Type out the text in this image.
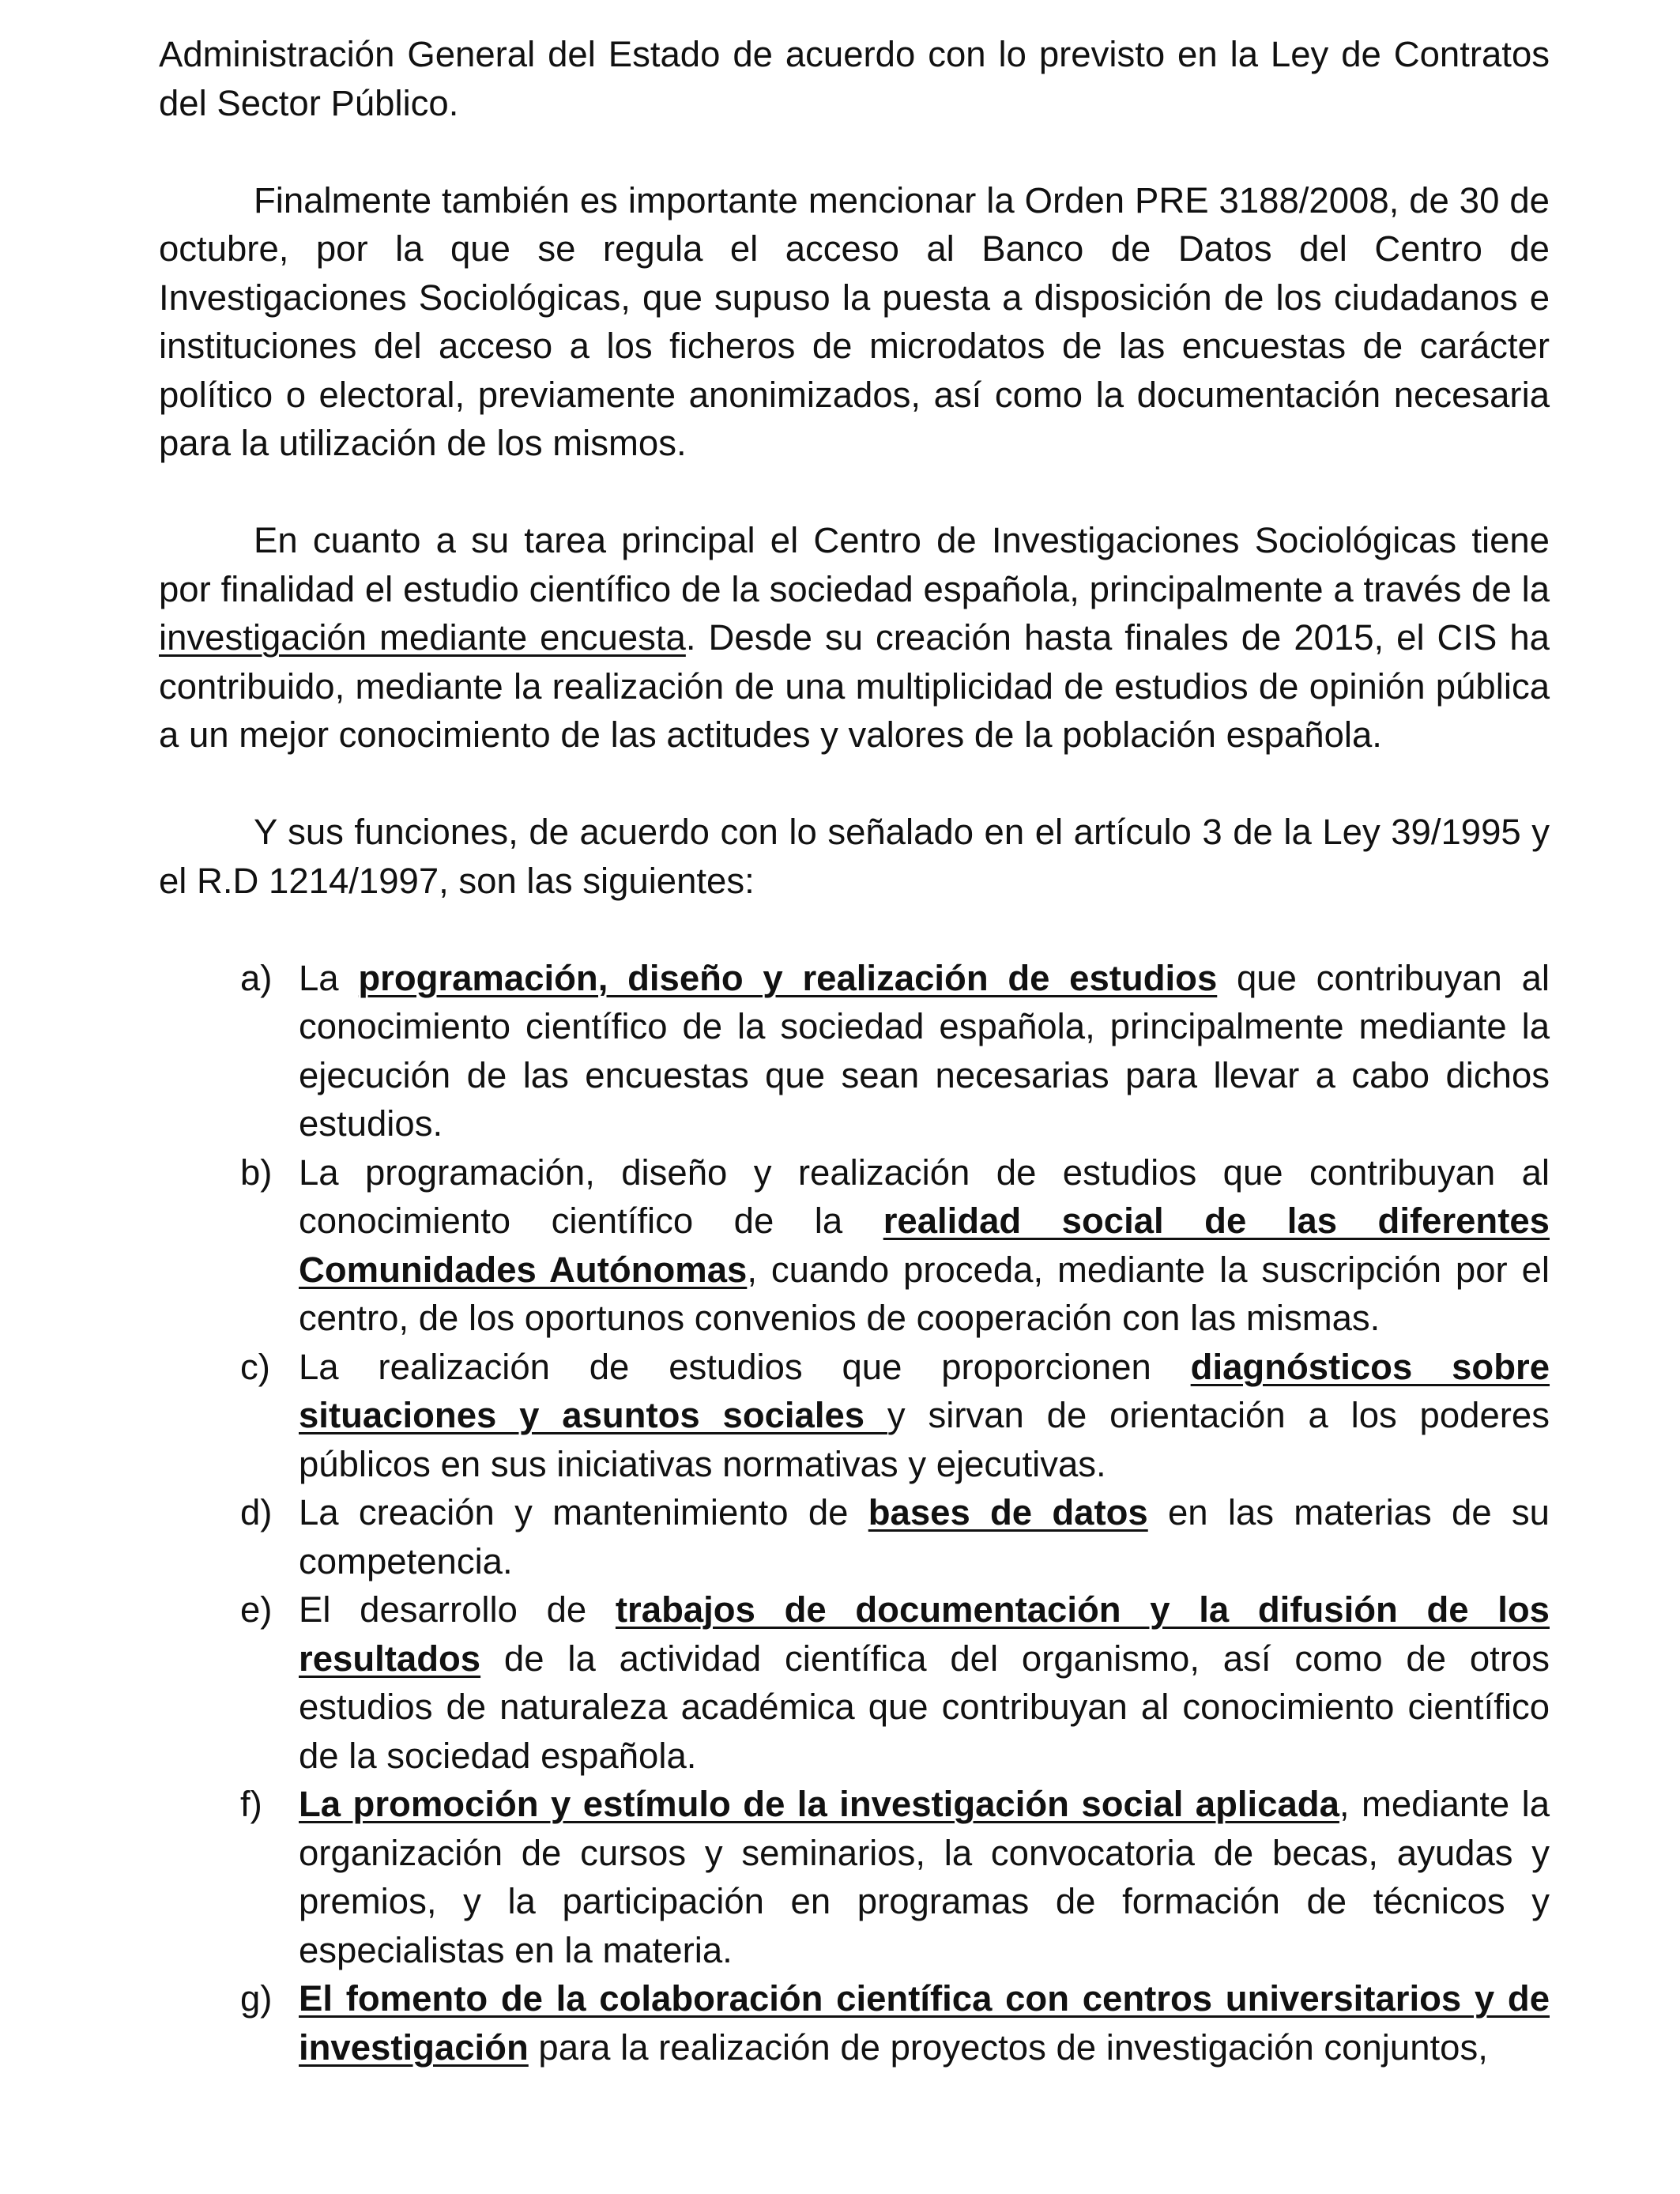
Administración General del Estado de acuerdo con lo previsto en la Ley de Contratos del Sector Público.

Finalmente también es importante mencionar la Orden PRE 3188/2008, de 30 de octubre, por la que se regula el acceso al Banco de Datos del Centro de Investigaciones Sociológicas, que supuso la puesta a disposición de los ciudadanos e instituciones del acceso a los ficheros de microdatos de las encuestas de carácter político o electoral, previamente anonimizados, así como la documentación necesaria para la utilización de los mismos.

En cuanto a su tarea principal el Centro de Investigaciones Sociológicas tiene por finalidad el estudio científico de la sociedad española, principalmente a través de la investigación mediante encuesta. Desde su creación hasta finales de 2015, el CIS ha contribuido, mediante la realización de una multiplicidad de estudios de opinión pública a un mejor conocimiento de las actitudes y valores de la población española.

Y sus funciones, de acuerdo con lo señalado en el artículo 3 de la Ley 39/1995 y el R.D 1214/1997, son las siguientes:

a) La programación, diseño y realización de estudios que contribuyan al conocimiento científico de la sociedad española, principalmente mediante la ejecución de las encuestas que sean necesarias para llevar a cabo dichos estudios.
b) La programación, diseño y realización de estudios que contribuyan al conocimiento científico de la realidad social de las diferentes Comunidades Autónomas, cuando proceda, mediante la suscripción por el centro, de los oportunos convenios de cooperación con las mismas.
c) La realización de estudios que proporcionen diagnósticos sobre situaciones y asuntos sociales y sirvan de orientación a los poderes públicos en sus iniciativas normativas y ejecutivas.
d) La creación y mantenimiento de bases de datos en las materias de su competencia.
e) El desarrollo de trabajos de documentación y la difusión de los resultados de la actividad científica del organismo, así como de otros estudios de naturaleza académica que contribuyan al conocimiento científico de la sociedad española.
f) La promoción y estímulo de la investigación social aplicada, mediante la organización de cursos y seminarios, la convocatoria de becas, ayudas y premios, y la participación en programas de formación de técnicos y especialistas en la materia.
g) El fomento de la colaboración científica con centros universitarios y de investigación para la realización de proyectos de investigación conjuntos,
